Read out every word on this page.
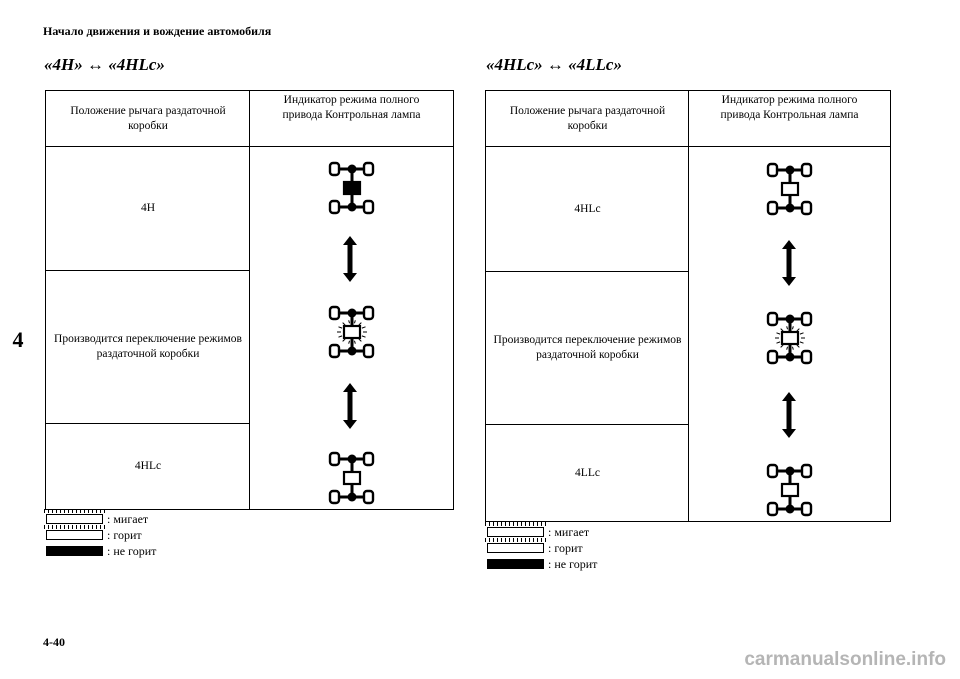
Начало движения и вождение автомобиля
4
«4H» ↔ «4HLc»
Положение рычага раздаточной коробки
Индикатор режима полного привода Контрольная лампа
4H
Производится переключение режимов раздаточной коробки
4HLc
«4HLc» ↔ «4LLc»
Положение рычага раздаточной коробки
Индикатор режима полного привода Контрольная лампа
4HLc
Производится переключение режимов раздаточной коробки
4LLc
: мигает
: горит
: не горит
: мигает
: горит
: не горит
4-40
carmanualsonline.info
